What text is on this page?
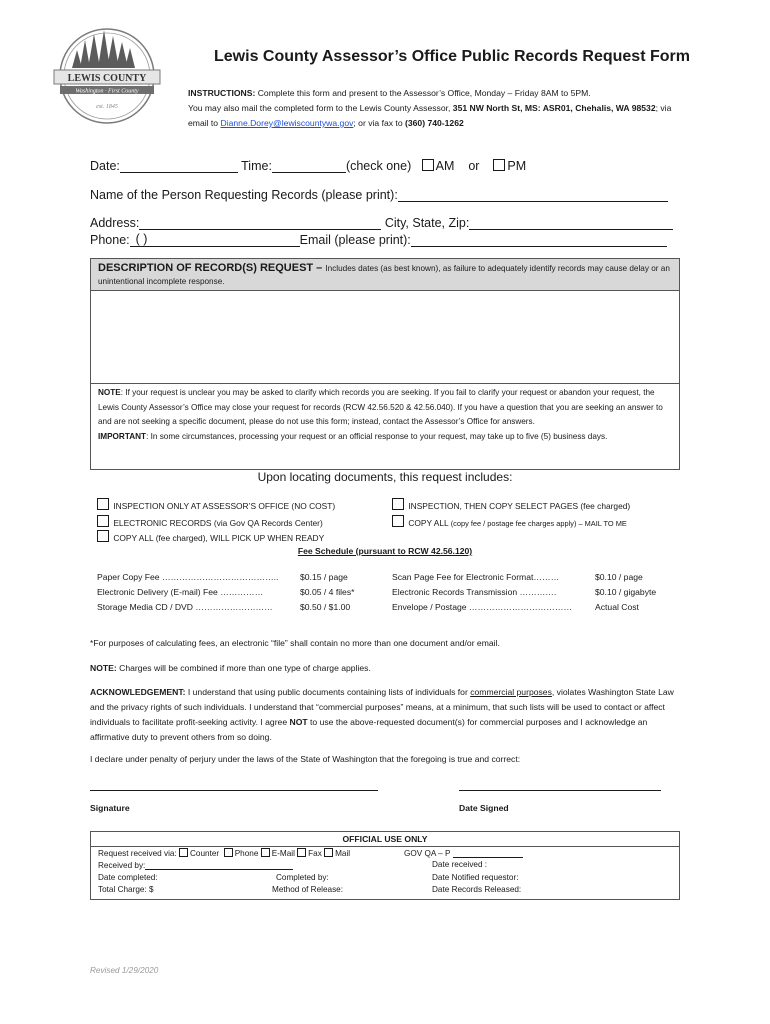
LEWIS COUNTY
Washington · First County
est. 1845
Lewis County Assessor’s Office Public Records Request Form
INSTRUCTIONS: Complete this form and present to the Assessor’s Office, Monday – Friday 8AM to 5PM.
You may also mail the completed form to the Lewis County Assessor, 351 NW North St, MS: ASR01, Chehalis, WA 98532; via email to Dianne.Dorey@lewiscountywa.gov; or via fax to (360) 740-1262
Date:	Time:	(check one) AM or PM
Name of the Person Requesting Records (please print):
Address:	City, State, Zip:
Phone: ( )	Email (please print):
DESCRIPTION OF RECORD(S) REQUEST – Includes dates (as best known), as failure to adequately identify records may cause delay or an unintentional incomplete response.
NOTE: If your request is unclear you may be asked to clarify which records you are seeking. If you fail to clarify your request or abandon your request, the Lewis County Assessor’s Office may close your request for records (RCW 42.56.520 & 42.56.040). If you have a question that you are seeking an answer to and are not seeking a specific document, please do not use this form; instead, contact the Assessor’s Office for answers.
IMPORTANT: In some circumstances, processing your request or an official response to your request, may take up to five (5) business days.
Upon locating documents, this request includes:
INSPECTION ONLY AT ASSESSOR’S OFFICE (NO COST)	INSPECTION, THEN COPY SELECT PAGES (fee charged)
ELECTRONIC RECORDS (via Gov QA Records Center)	COPY ALL (copy fee / postage fee charges apply) – MAIL TO ME
COPY ALL (fee charged), WILL PICK UP WHEN READY
Fee Schedule (pursuant to RCW 42.56.120)
Paper Copy Fee …………………………………..	$0.15 / page	Scan Page Fee for Electronic Format………	$0.10 / page
Electronic Delivery (E-mail) Fee ……………	$0.05 / 4 files*	Electronic Records Transmission ………….	$0.10 / gigabyte
Storage Media CD / DVD ………………………	$0.50 / $1.00	Envelope / Postage ………………………………	Actual Cost
*For purposes of calculating fees, an electronic “file” shall contain no more than one document and/or email.
NOTE: Charges will be combined if more than one type of charge applies.
ACKNOWLEDGEMENT: I understand that using public documents containing lists of individuals for commercial purposes, violates Washington State Law and the privacy rights of such individuals. I understand that “commercial purposes” means, at a minimum, that such lists will be used to contact or affect individuals to facilitate profit-seeking activity. I agree NOT to use the above-requested document(s) for commercial purposes and I acknowledge an affirmative duty to prevent others from so doing.
I declare under penalty of perjury under the laws of the State of Washington that the foregoing is true and correct:
Signature	Date Signed
OFFICIAL USE ONLY
Request received via: Counter Phone E-Mail Fax Mail	GOV QA – P
Received by:	Date received :
Date completed:	Completed by:	Date Notified requestor:
Total Charge: $	Method of Release:	Date Records Released:
Revised 1/29/2020
